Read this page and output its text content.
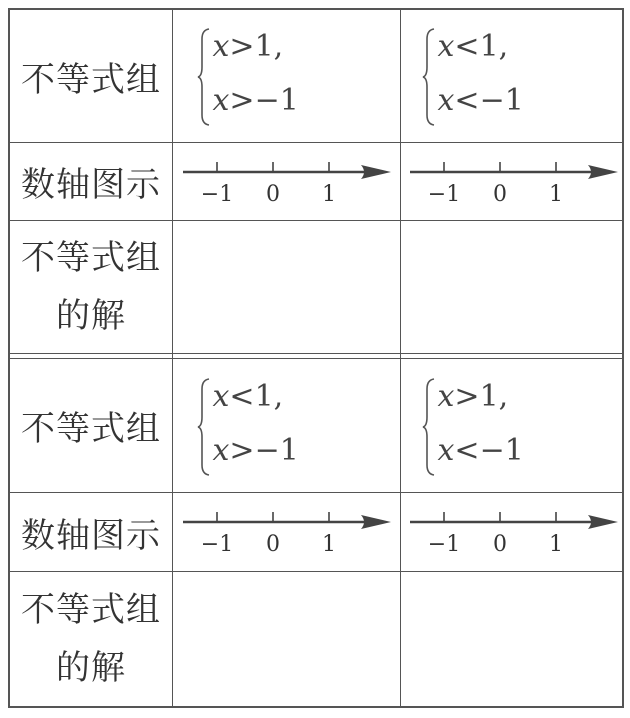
不等式组
x>1,
x>−1
x<1,
x<−1
数轴图示 −1 0 1	−1 0 1
不等式组
的解
不等式组
x<1,
x>−1
x>1,
x<−1
数轴图示 −1 0 1	−1 0 1
不等式组
的解
